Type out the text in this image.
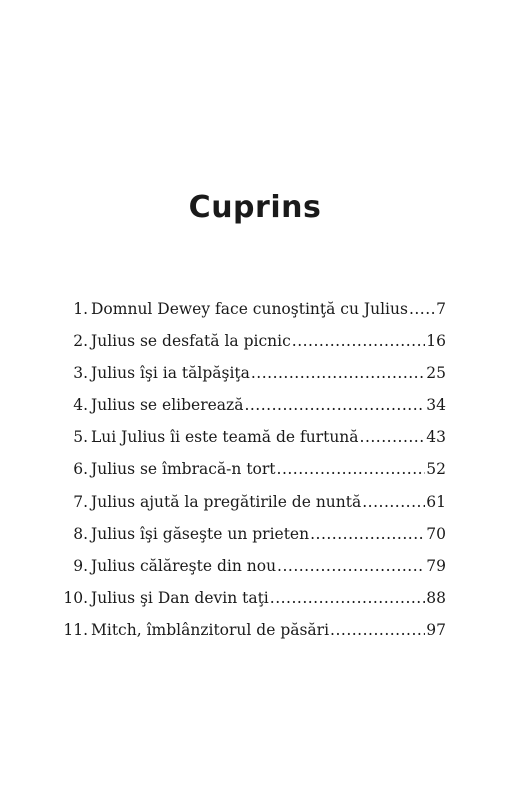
Cuprins
1. Domnul Dewey face cunoştinţă cu Julius ..... 7
2. Julius se desfată la picnic .....	16
3. Julius îşi ia tălpăşiţa .....	25
4. Julius se eliberează .....	34
5. Lui Julius îi este teamă de furtună .....	43
6. Julius se îmbracă-n tort .....	52
7. Julius ajută la pregătirile de nuntă .....	61
8. Julius îşi găseşte un prieten .....	70
9. Julius călăreşte din nou .....	79
10. Julius şi Dan devin taţi .....	88
11. Mitch, îmblânzitorul de păsări .....	97
